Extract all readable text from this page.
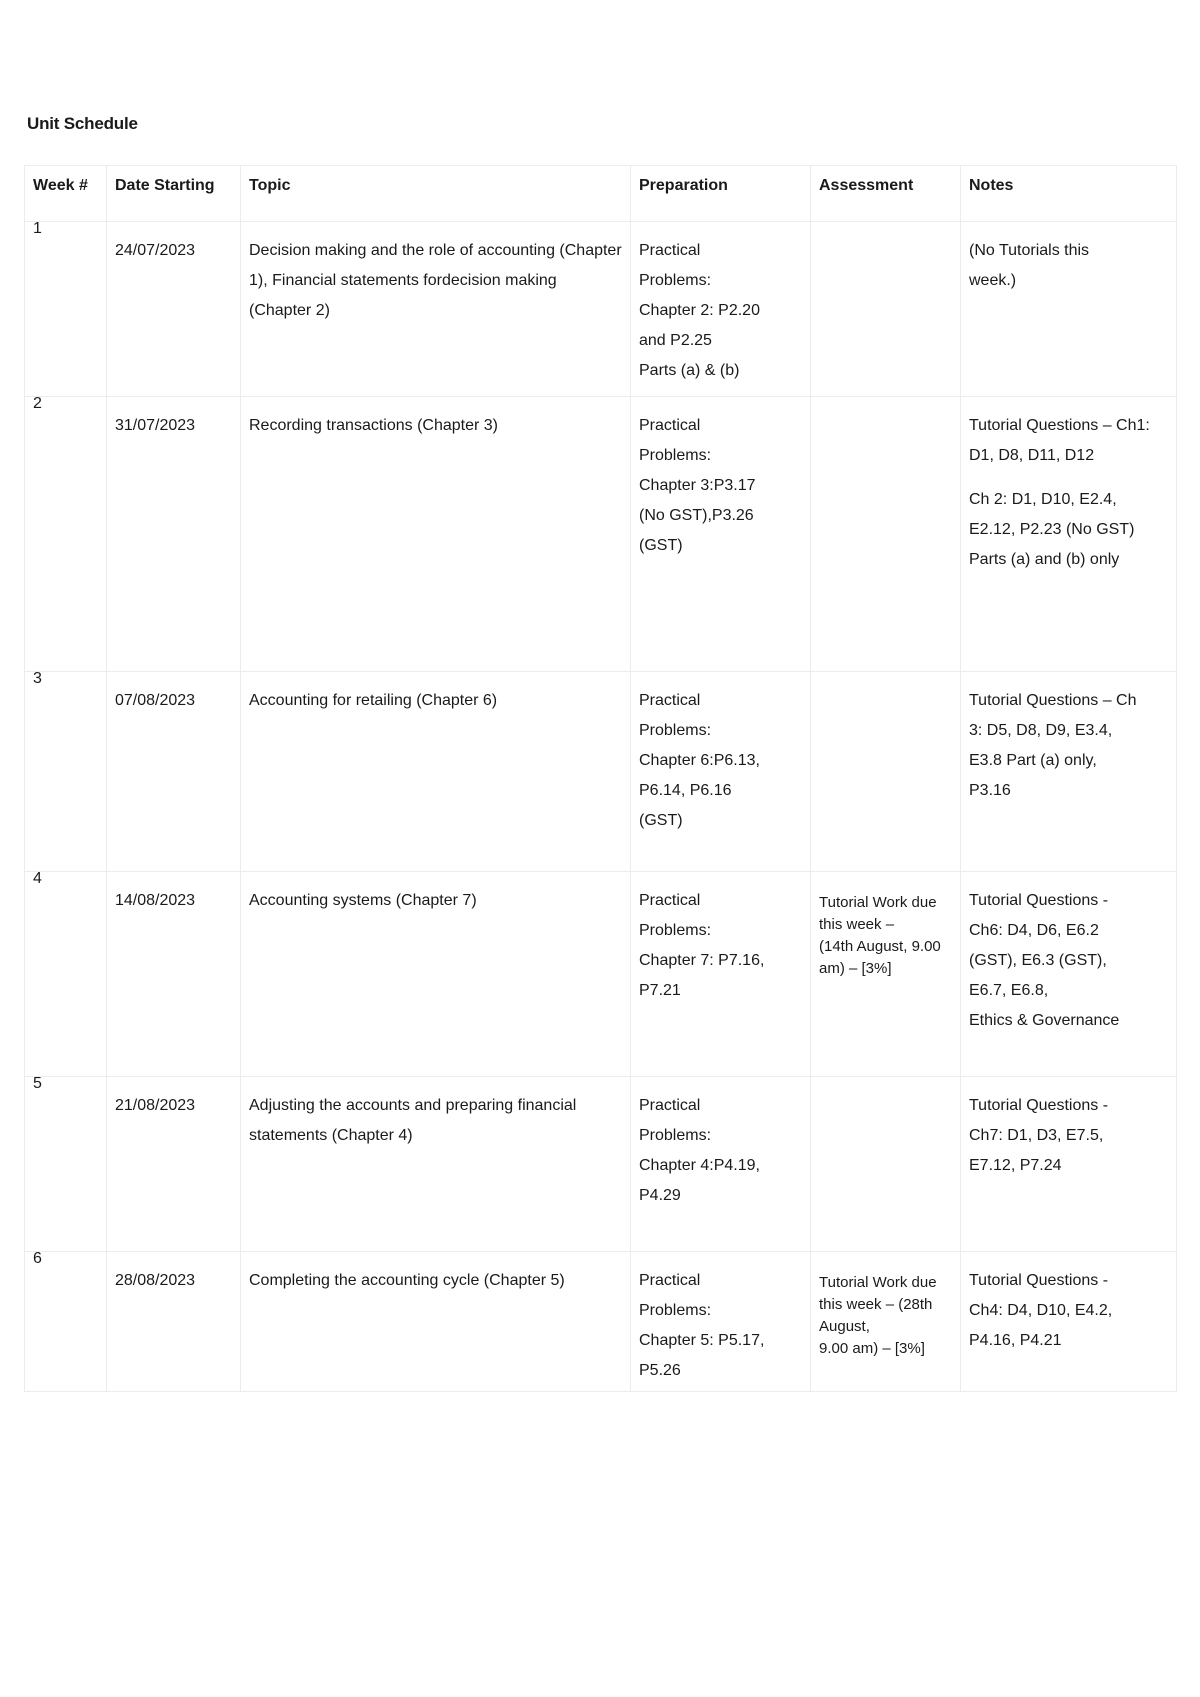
Unit Schedule
Week #	Date Starting	Topic	Preparation	Assessment	Notes
1	24/07/2023	Decision making and the role of accounting (Chapter 1), Financial statements fordecision making (Chapter 2)	Practical
Problems:
Chapter 2: P2.20
and P2.25
Parts (a) & (b)		(No Tutorials this
week.)

2	31/07/2023	Recording transactions (Chapter 3)	Practical
Problems:
Chapter 3:P3.17
(No GST),P3.26
(GST)		Tutorial Questions – Ch1:
D1, D8, D11, D12
Ch 2: D1, D10, E2.4,
E2.12, P2.23 (No GST)
Parts (a) and (b) only

3	07/08/2023	Accounting for retailing (Chapter 6)	Practical
Problems:
Chapter 6:P6.13,
P6.14, P6.16
(GST)		Tutorial Questions – Ch
3: D5, D8, D9, E3.4,
E3.8 Part (a) only,
P3.16

4	14/08/2023	Accounting systems (Chapter 7)	Practical
Problems:
Chapter 7: P7.16,
P7.21	Tutorial Work due
this week –
(14th August, 9.00
am) – [3%]	Tutorial Questions -
Ch6: D4, D6, E6.2
(GST), E6.3 (GST),
E6.7, E6.8,
Ethics & Governance

5	21/08/2023	Adjusting the accounts and preparing financial statements (Chapter 4)	Practical
Problems:
Chapter 4:P4.19,
P4.29		Tutorial Questions -
Ch7: D1, D3, E7.5,
E7.12, P7.24

6	28/08/2023	Completing the accounting cycle (Chapter 5)	Practical
Problems:
Chapter 5: P5.17,
P5.26	Tutorial Work due
this week – (28th
August,
9.00 am) – [3%]	Tutorial Questions -
Ch4: D4, D10, E4.2,
P4.16, P4.21
